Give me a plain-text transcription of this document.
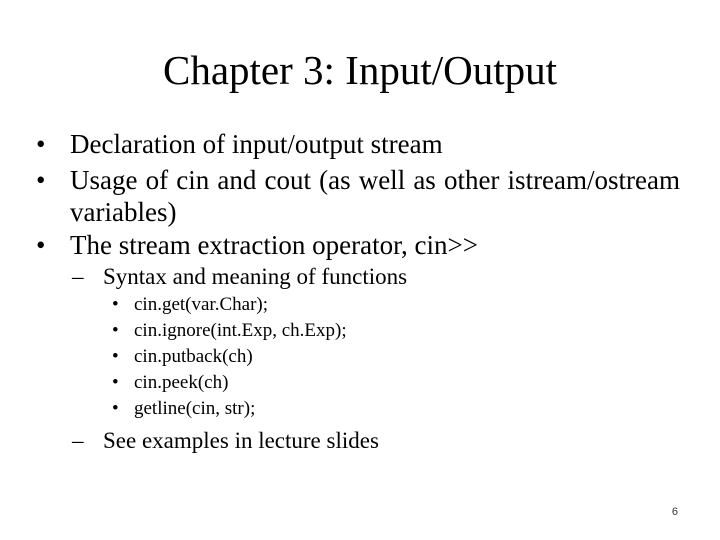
Chapter 3: Input/Output
• Declaration of input/output stream
• Usage of cin and cout (as well as other istream/ostream variables)
• The stream extraction operator, cin>>
– Syntax and meaning of functions
• cin.get(var.Char);
• cin.ignore(int.Exp, ch.Exp);
• cin.putback(ch)
• cin.peek(ch)
• getline(cin, str);
– See examples in lecture slides
6
